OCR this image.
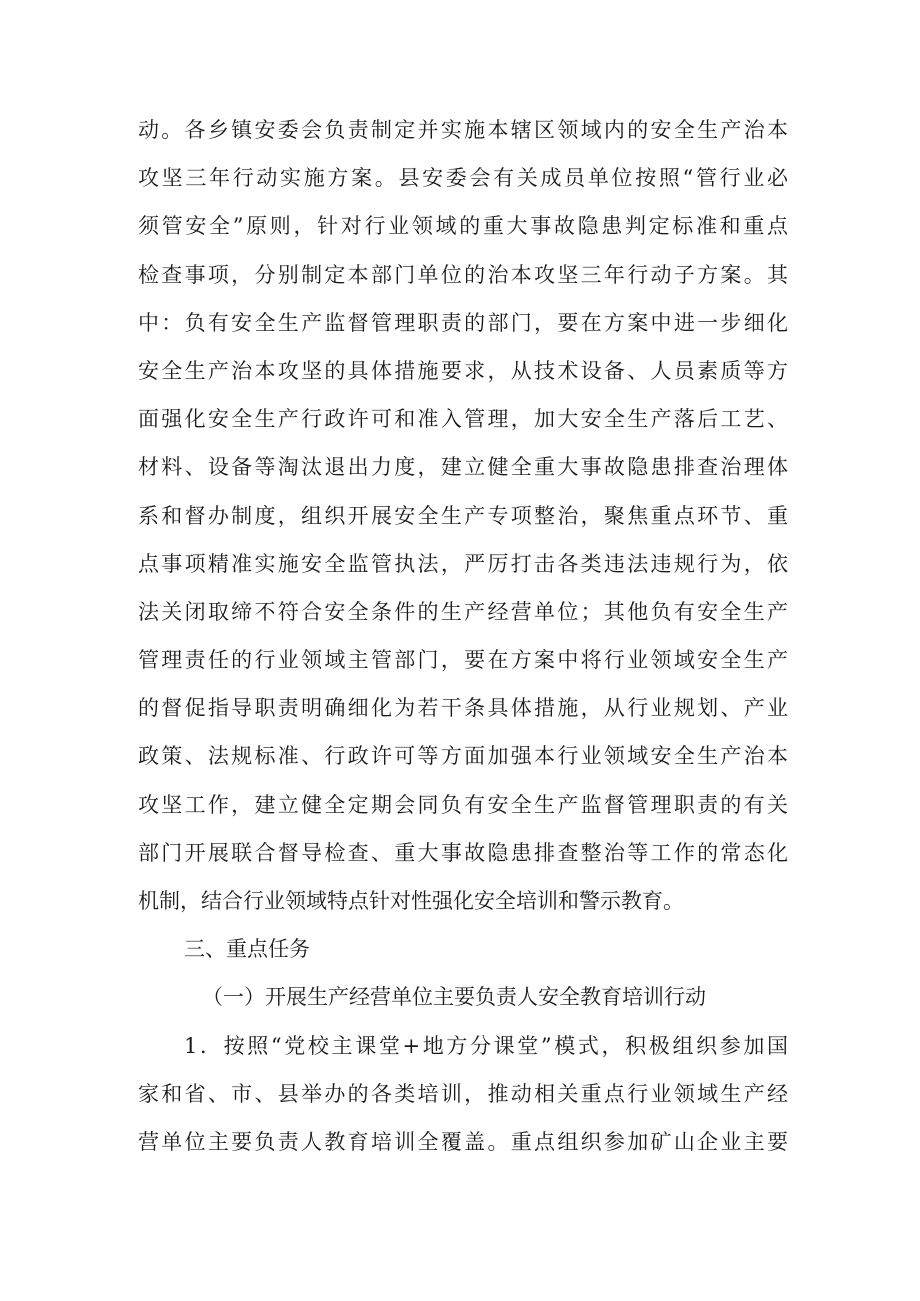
动。各乡镇安委会负责制定并实施本辖区领域内的安全生产治本
攻坚三年行动实施方案。县安委会有关成员单位按照“管行业必
须管安全”原则，针对行业领域的重大事故隐患判定标准和重点
检查事项，分别制定本部门单位的治本攻坚三年行动子方案。其
中：负有安全生产监督管理职责的部门，要在方案中进一步细化
安全生产治本攻坚的具体措施要求，从技术设备、人员素质等方
面强化安全生产行政许可和准入管理，加大安全生产落后工艺、
材料、设备等淘汰退出力度，建立健全重大事故隐患排查治理体
系和督办制度，组织开展安全生产专项整治，聚焦重点环节、重
点事项精准实施安全监管执法，严厉打击各类违法违规行为，依
法关闭取缔不符合安全条件的生产经营单位；其他负有安全生产
管理责任的行业领域主管部门，要在方案中将行业领域安全生产
的督促指导职责明确细化为若干条具体措施，从行业规划、产业
政策、法规标准、行政许可等方面加强本行业领域安全生产治本
攻坚工作，建立健全定期会同负有安全生产监督管理职责的有关
部门开展联合督导检查、重大事故隐患排查整治等工作的常态化
机制，结合行业领域特点针对性强化安全培训和警示教育。
三、重点任务
（一）开展生产经营单位主要负责人安全教育培训行动
1．按照“党校主课堂+地方分课堂”模式，积极组织参加国
家和省、市、县举办的各类培训，推动相关重点行业领域生产经
营单位主要负责人教育培训全覆盖。重点组织参加矿山企业主要
